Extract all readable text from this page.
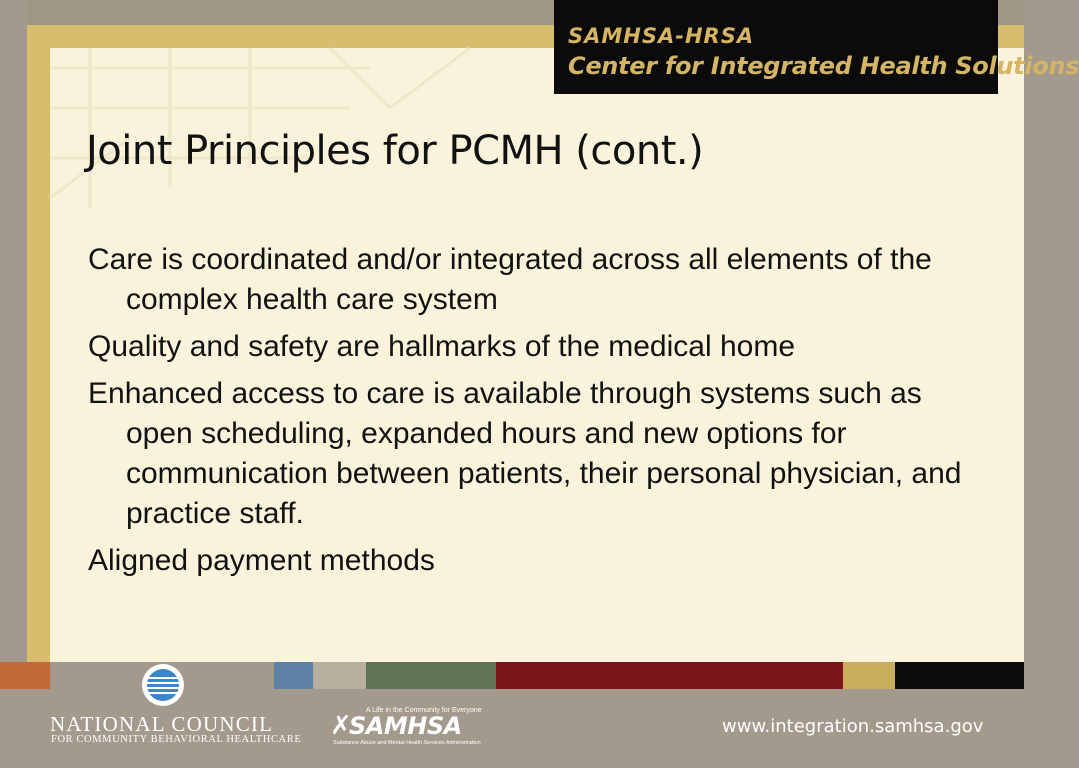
SAMHSA-HRSA
Center for Integrated Health Solutions
Joint Principles for PCMH (cont.)
Care is coordinated and/or integrated across all elements of the complex health care system
Quality and safety are hallmarks of the medical home
Enhanced access to care is available through systems such as open scheduling, expanded hours and new options for communication between patients, their personal physician, and practice staff.
Aligned payment methods
NATIONAL COUNCIL
FOR COMMUNITY BEHAVIORAL HEALTHCARE
A Life in the Community for Everyone
✗
SAMHSA
Substance Abuse and Mental Health Services Administration
www.integration.samhsa.gov
